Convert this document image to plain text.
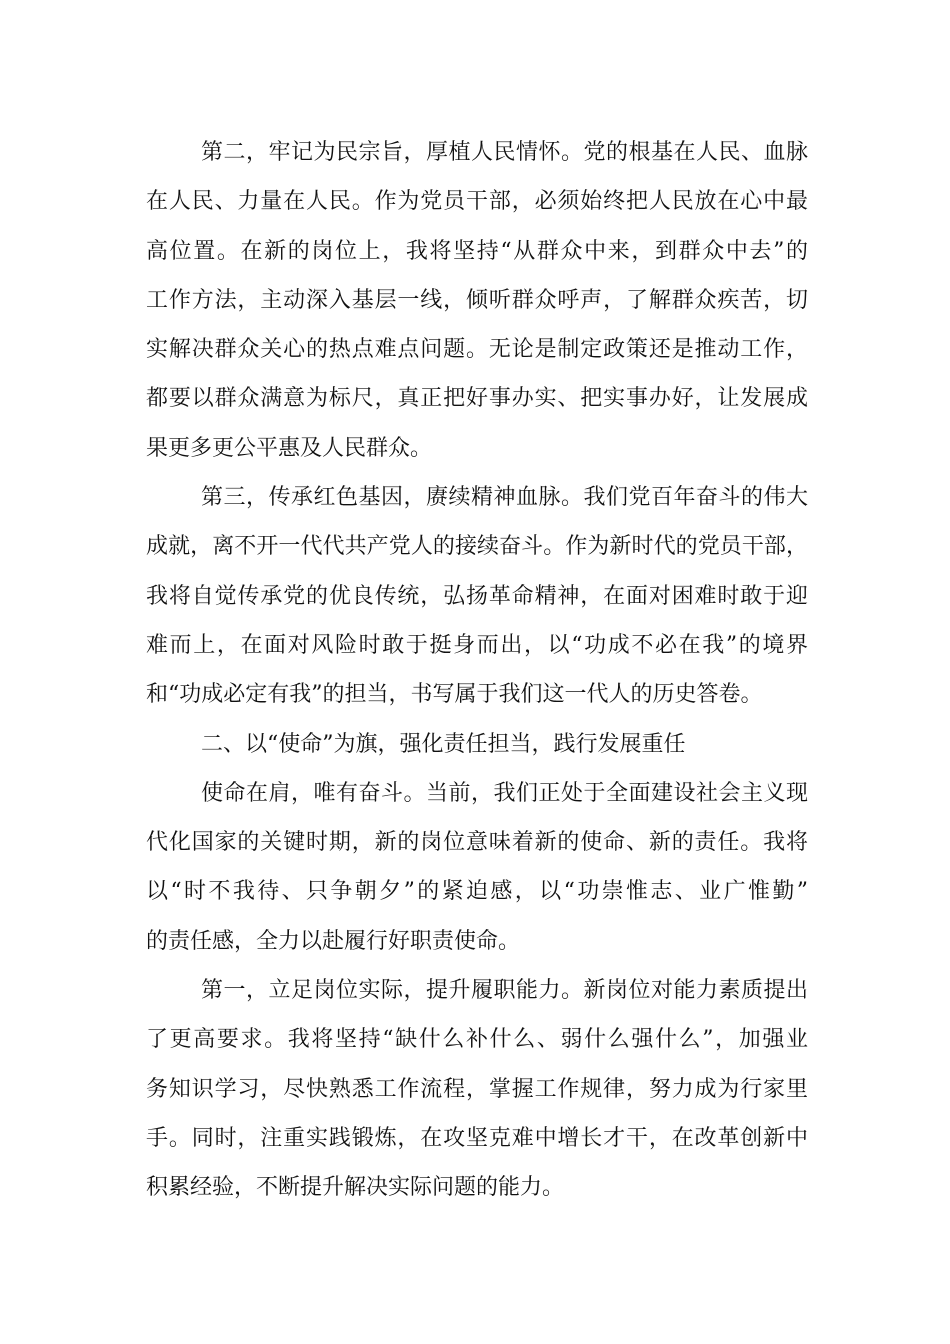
第二，牢记为民宗旨，厚植人民情怀。党的根基在人民、血脉
在人民、力量在人民。作为党员干部，必须始终把人民放在心中最
高位置。在新的岗位上，我将坚持“从群众中来，到群众中去”的
工作方法，主动深入基层一线，倾听群众呼声，了解群众疾苦，切
实解决群众关心的热点难点问题。无论是制定政策还是推动工作，
都要以群众满意为标尺，真正把好事办实、把实事办好，让发展成
果更多更公平惠及人民群众。
第三，传承红色基因，赓续精神血脉。我们党百年奋斗的伟大
成就，离不开一代代共产党人的接续奋斗。作为新时代的党员干部，
我将自觉传承党的优良传统，弘扬革命精神，在面对困难时敢于迎
难而上，在面对风险时敢于挺身而出，以“功成不必在我”的境界
和“功成必定有我”的担当，书写属于我们这一代人的历史答卷。
二、以“使命”为旗，强化责任担当，践行发展重任
使命在肩，唯有奋斗。当前，我们正处于全面建设社会主义现
代化国家的关键时期，新的岗位意味着新的使命、新的责任。我将
以“时不我待、只争朝夕”的紧迫感，以“功崇惟志、业广惟勤”
的责任感，全力以赴履行好职责使命。
第一，立足岗位实际，提升履职能力。新岗位对能力素质提出
了更高要求。我将坚持“缺什么补什么、弱什么强什么”，加强业
务知识学习，尽快熟悉工作流程，掌握工作规律，努力成为行家里
手。同时，注重实践锻炼，在攻坚克难中增长才干，在改革创新中
积累经验，不断提升解决实际问题的能力。
